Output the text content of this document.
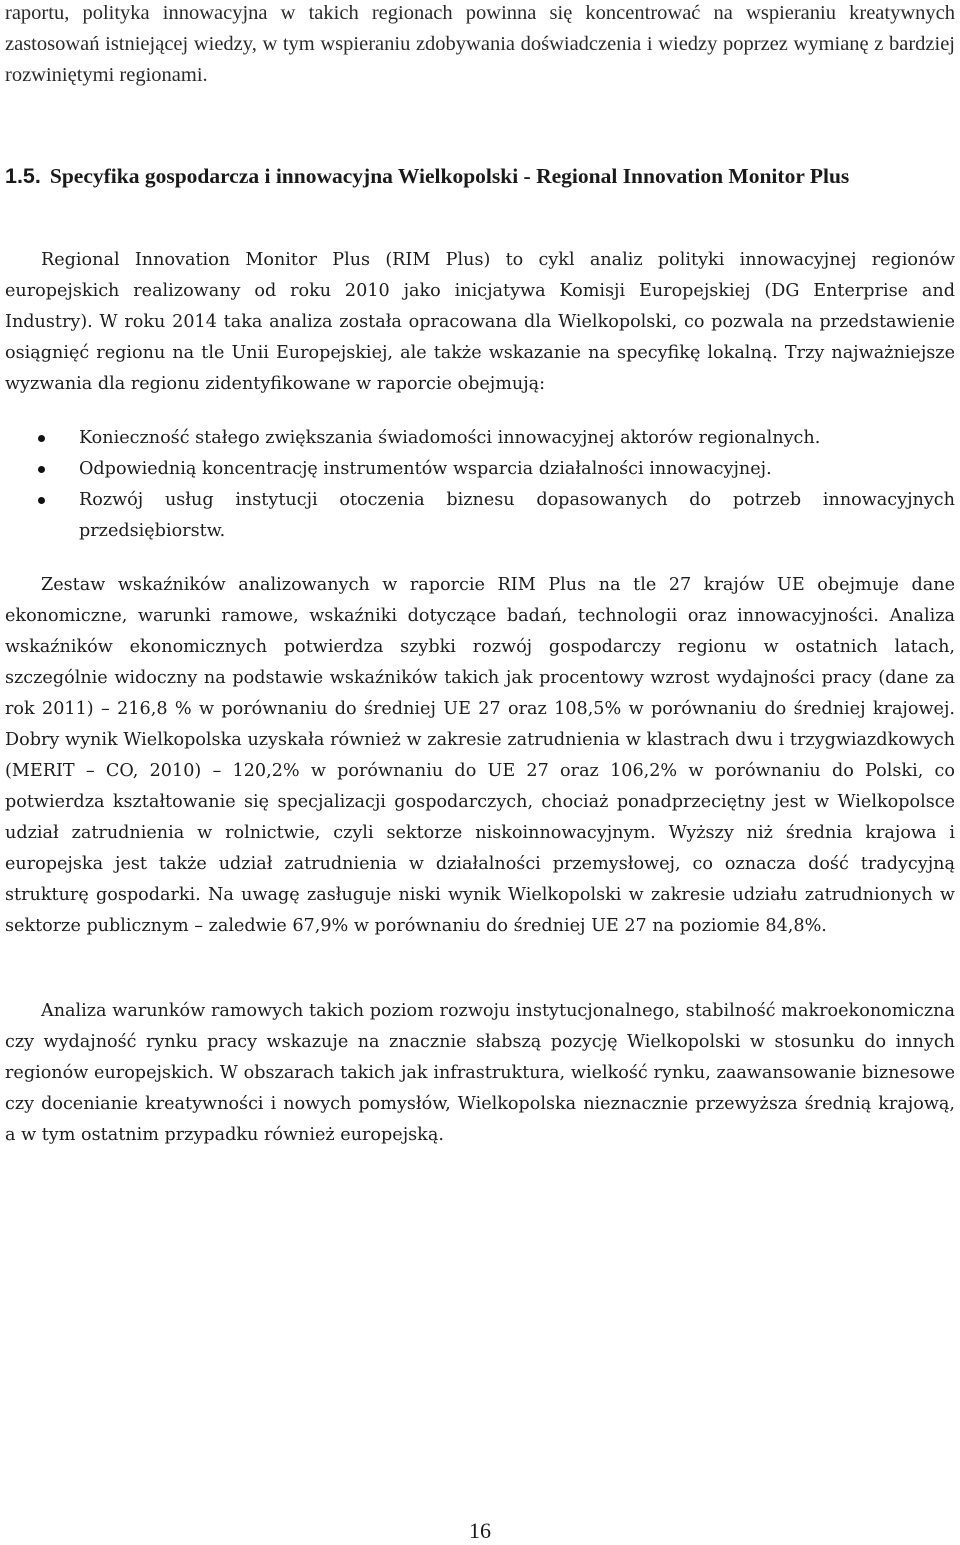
raportu, polityka innowacyjna w takich regionach powinna się koncentrować na wspieraniu kreatywnych zastosowań istniejącej wiedzy, w tym wspieraniu zdobywania doświadczenia i wiedzy poprzez wymianę z bardziej rozwiniętymi regionami.

1.5. Specyfika gospodarcza i innowacyjna Wielkopolski - Regional Innovation Monitor Plus

Regional Innovation Monitor Plus (RIM Plus) to cykl analiz polityki innowacyjnej regionów europejskich realizowany od roku 2010 jako inicjatywa Komisji Europejskiej (DG Enterprise and Industry). W roku 2014 taka analiza została opracowana dla Wielkopolski, co pozwala na przedstawienie osiągnięć regionu na tle Unii Europejskiej, ale także wskazanie na specyfikę lokalną. Trzy najważniejsze wyzwania dla regionu zidentyfikowane w raporcie obejmują:

Konieczność stałego zwiększania świadomości innowacyjnej aktorów regionalnych.
Odpowiednią koncentrację instrumentów wsparcia działalności innowacyjnej.
Rozwój usług instytucji otoczenia biznesu dopasowanych do potrzeb innowacyjnych przedsiębiorstw.

Zestaw wskaźników analizowanych w raporcie RIM Plus na tle 27 krajów UE obejmuje dane ekonomiczne, warunki ramowe, wskaźniki dotyczące badań, technologii oraz innowacyjności. Analiza wskaźników ekonomicznych potwierdza szybki rozwój gospodarczy regionu w ostatnich latach, szczególnie widoczny na podstawie wskaźników takich jak procentowy wzrost wydajności pracy (dane za rok 2011) – 216,8 % w porównaniu do średniej UE 27 oraz 108,5% w porównaniu do średniej krajowej. Dobry wynik Wielkopolska uzyskała również w zakresie zatrudnienia w klastrach dwu i trzygwiazdkowych (MERIT – CO, 2010) – 120,2% w porównaniu do UE 27 oraz 106,2% w porównaniu do Polski, co potwierdza kształtowanie się specjalizacji gospodarczych, chociaż ponadprzeciętny jest w Wielkopolsce udział zatrudnienia w rolnictwie, czyli sektorze niskoinnowacyjnym. Wyższy niż średnia krajowa i europejska jest także udział zatrudnienia w działalności przemysłowej, co oznacza dość tradycyjną strukturę gospodarki. Na uwagę zasługuje niski wynik Wielkopolski w zakresie udziału zatrudnionych w sektorze publicznym – zaledwie 67,9% w porównaniu do średniej UE 27 na poziomie 84,8%.

Analiza warunków ramowych takich poziom rozwoju instytucjonalnego, stabilność makroekonomiczna czy wydajność rynku pracy wskazuje na znacznie słabszą pozycję Wielkopolski w stosunku do innych regionów europejskich. W obszarach takich jak infrastruktura, wielkość rynku, zaawansowanie biznesowe czy docenianie kreatywności i nowych pomysłów, Wielkopolska nieznacznie przewyższa średnią krajową, a w tym ostatnim przypadku również europejską.

16
